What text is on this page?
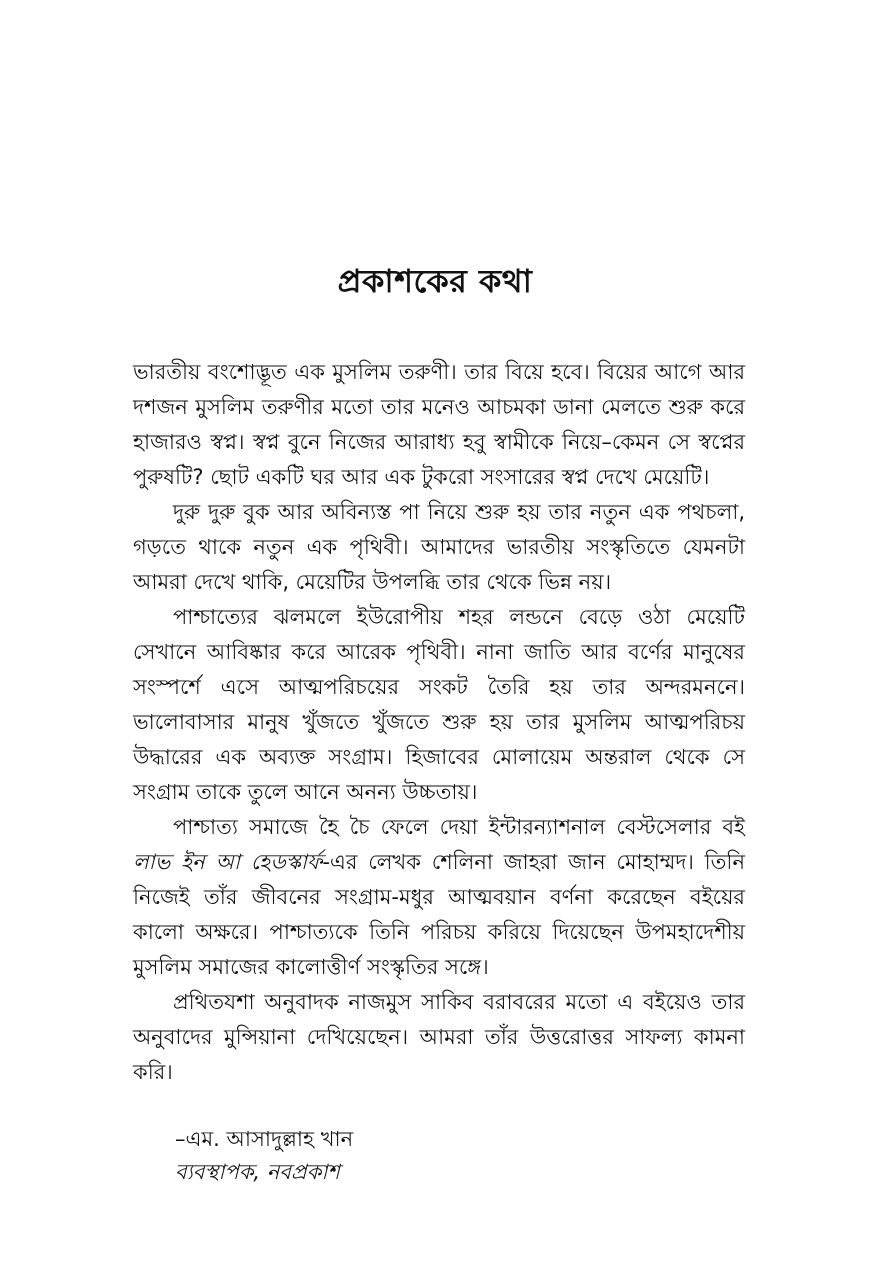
প্রকাশকের কথা

ভারতীয় বংশোদ্ভূত এক মুসলিম তরুণী। তার বিয়ে হবে। বিয়ের আগে আর দশজন মুসলিম তরুণীর মতো তার মনেও আচমকা ডানা মেলতে শুরু করে হাজারও স্বপ্ন। স্বপ্ন বুনে নিজের আরাধ্য হবু স্বামীকে নিয়ে–কেমন সে স্বপ্নের পুরুষটি? ছোট একটি ঘর আর এক টুকরো সংসারের স্বপ্ন দেখে মেয়েটি।

দুরু দুরু বুক আর অবিন্যস্ত পা নিয়ে শুরু হয় তার নতুন এক পথচলা, গড়তে থাকে নতুন এক পৃথিবী। আমাদের ভারতীয় সংস্কৃতিতে যেমনটা আমরা দেখে থাকি, মেয়েটির উপলব্ধি তার থেকে ভিন্ন নয়।

পাশ্চাত্যের ঝলমলে ইউরোপীয় শহর লন্ডনে বেড়ে ওঠা মেয়েটি সেখানে আবিষ্কার করে আরেক পৃথিবী। নানা জাতি আর বর্ণের মানুষের সংস্পর্শে এসে আত্মপরিচয়ের সংকট তৈরি হয় তার অন্দরমননে। ভালোবাসার মানুষ খুঁজতে খুঁজতে শুরু হয় তার মুসলিম আত্মপরিচয় উদ্ধারের এক অব্যক্ত সংগ্রাম। হিজাবের মোলায়েম অন্তরাল থেকে সে সংগ্রাম তাকে তুলে আনে অনন্য উচ্চতায়।

পাশ্চাত্য সমাজে হৈ চৈ ফেলে দেয়া ইন্টারন্যাশনাল বেস্টসেলার বই লাভ ইন আ হেডস্কার্ফ-এর লেখক শেলিনা জাহরা জান মোহাম্মদ। তিনি নিজেই তাঁর জীবনের সংগ্রাম-মধুর আত্মবয়ান বর্ণনা করেছেন বইয়ের কালো অক্ষরে। পাশ্চাত্যকে তিনি পরিচয় করিয়ে দিয়েছেন উপমহাদেশীয় মুসলিম সমাজের কালোত্তীর্ণ সংস্কৃতির সঙ্গে।

প্রথিতযশা অনুবাদক নাজমুস সাকিব বরাবরের মতো এ বইয়েও তার অনুবাদের মুন্সিয়ানা দেখিয়েছেন। আমরা তাঁর উত্তরোত্তর সাফল্য কামনা করি।

–এম. আসাদুল্লাহ খান
ব্যবস্থাপক, নবপ্রকাশ
